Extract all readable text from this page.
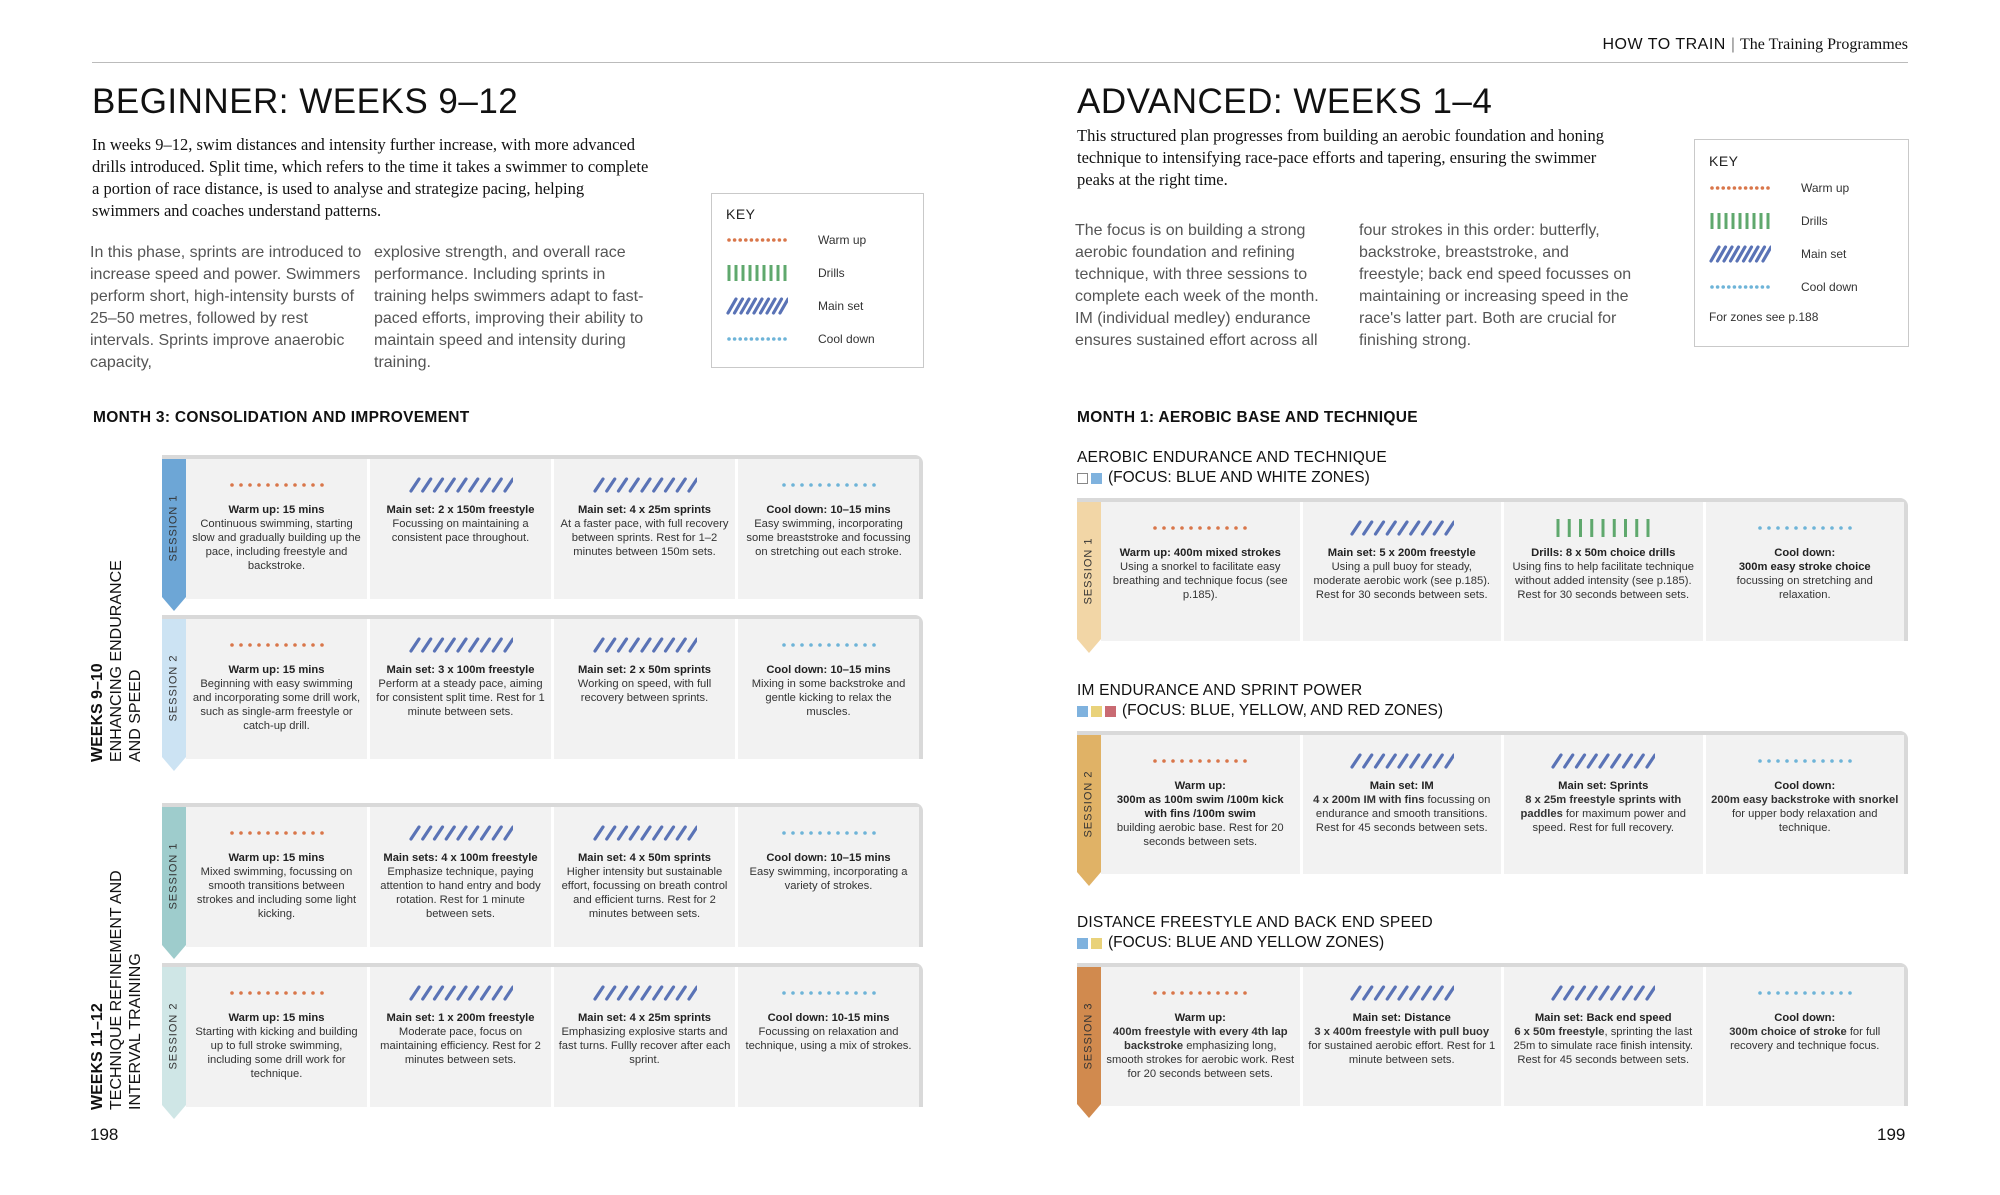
HOW TO TRAIN | The Training Programmes
BEGINNER: WEEKS 9–12
In weeks 9–12, swim distances and intensity further increase, with more advanced drills introduced. Split time, which refers to the time it takes a swimmer to complete a portion of race distance, is used to analyse and strategize pacing, helping swimmers and coaches understand patterns.
In this phase, sprints are introduced to increase speed and power. Swimmers perform short, high-intensity bursts of 25–50 metres, followed by rest intervals. Sprints improve anaerobic capacity,
explosive strength, and overall race performance. Including sprints in training helps swimmers adapt to fast-paced efforts, improving their ability to maintain speed and intensity during training.
KEY
Warm up
Drills
Main set
Cool down
MONTH 3: CONSOLIDATION AND IMPROVEMENT
WEEKS 9–10 ENHANCING ENDURANCE AND SPEED
WEEKS 11–12 TECHNIQUE REFINEMENT AND INTERVAL TRAINING
SESSION 1	Warm up: 15 mins
Continuous swimming, starting slow and gradually building up the pace, including freestyle and backstroke.
Main set: 2 x 150m freestyle
Focussing on maintaining a consistent pace throughout.
Main set: 4 x 25m sprints
At a faster pace, with full recovery between sprints. Rest for 1–2 minutes between 150m sets.
Cool down: 10–15 mins
Easy swimming, incorporating some breaststroke and focussing on stretching out each stroke.
SESSION 2	Warm up: 15 mins
Beginning with easy swimming and incorporating some drill work, such as single-arm freestyle or catch-up drill.
Main set: 3 x 100m freestyle
Perform at a steady pace, aiming for consistent split time. Rest for 1 minute between sets.
Main set: 2 x 50m sprints
Working on speed, with full recovery between sprints.
Cool down: 10–15 mins
Mixing in some backstroke and gentle kicking to relax the muscles.
SESSION 1	Warm up: 15 mins
Mixed swimming, focussing on smooth transitions between strokes and including some light kicking.
Main sets: 4 x 100m freestyle
Emphasize technique, paying attention to hand entry and body rotation. Rest for 1 minute between sets.
Main set: 4 x 50m sprints
Higher intensity but sustainable effort, focussing on breath control and efficient turns. Rest for 2 minutes between sets.
Cool down: 10–15 mins
Easy swimming, incorporating a variety of strokes.
SESSION 2	Warm up: 15 mins
Starting with kicking and building up to full stroke swimming, including some drill work for technique.
Main set: 1 x 200m freestyle
Moderate pace, focus on maintaining efficiency. Rest for 2 minutes between sets.
Main set: 4 x 25m sprints
Emphasizing explosive starts and fast turns. Fullly recover after each sprint.
Cool down: 10-15 mins
Focussing on relaxation and technique, using a mix of strokes.
198
ADVANCED: WEEKS 1–4
This structured plan progresses from building an aerobic foundation and honing technique to intensifying race-pace efforts and tapering, ensuring the swimmer peaks at the right time.
The focus is on building a strong aerobic foundation and refining technique, with three sessions to complete each week of the month. IM (individual medley) endurance ensures sustained effort across all
four strokes in this order: butterfly, backstroke, breaststroke, and freestyle; back end speed focusses on maintaining or increasing speed in the race's latter part. Both are crucial for finishing strong.
KEY
Warm up
Drills
Main set
Cool down
For zones see p.188
MONTH 1: AEROBIC BASE AND TECHNIQUE
AEROBIC ENDURANCE AND TECHNIQUE
(FOCUS: BLUE AND WHITE ZONES)
SESSION 1	Warm up: 400m mixed strokes
Using a snorkel to facilitate easy breathing and technique focus (see p.185).
Main set: 5 x 200m freestyle
Using a pull buoy for steady, moderate aerobic work (see p.185). Rest for 30 seconds between sets.
Drills: 8 x 50m choice drills
Using fins to help facilitate technique without added intensity (see p.185). Rest for 30 seconds between sets.
Cool down:
300m easy stroke choice
focussing on stretching and relaxation.
IM ENDURANCE AND SPRINT POWER
(FOCUS: BLUE, YELLOW, AND RED ZONES)
SESSION 2	Warm up:
300m as 100m swim /100m kick with fins /100m swim
building aerobic base. Rest for 20 seconds between sets.
Main set: IM
4 x 200m IM with fins focussing on endurance and smooth transitions. Rest for 45 seconds between sets.
Main set: Sprints
8 x 25m freestyle sprints with paddles for maximum power and speed. Rest for full recovery.
Cool down:
200m easy backstroke with snorkel for upper body relaxation and technique.
DISTANCE FREESTYLE AND BACK END SPEED
(FOCUS: BLUE AND YELLOW ZONES)
SESSION 3	Warm up:
400m freestyle with every 4th lap backstroke emphasizing long, smooth strokes for aerobic work. Rest for 20 seconds between sets.
Main set: Distance
3 x 400m freestyle with pull buoy for sustained aerobic effort. Rest for 1 minute between sets.
Main set: Back end speed
6 x 50m freestyle, sprinting the last 25m to simulate race finish intensity. Rest for 45 seconds between sets.
Cool down:
300m choice of stroke for full recovery and technique focus.
199
